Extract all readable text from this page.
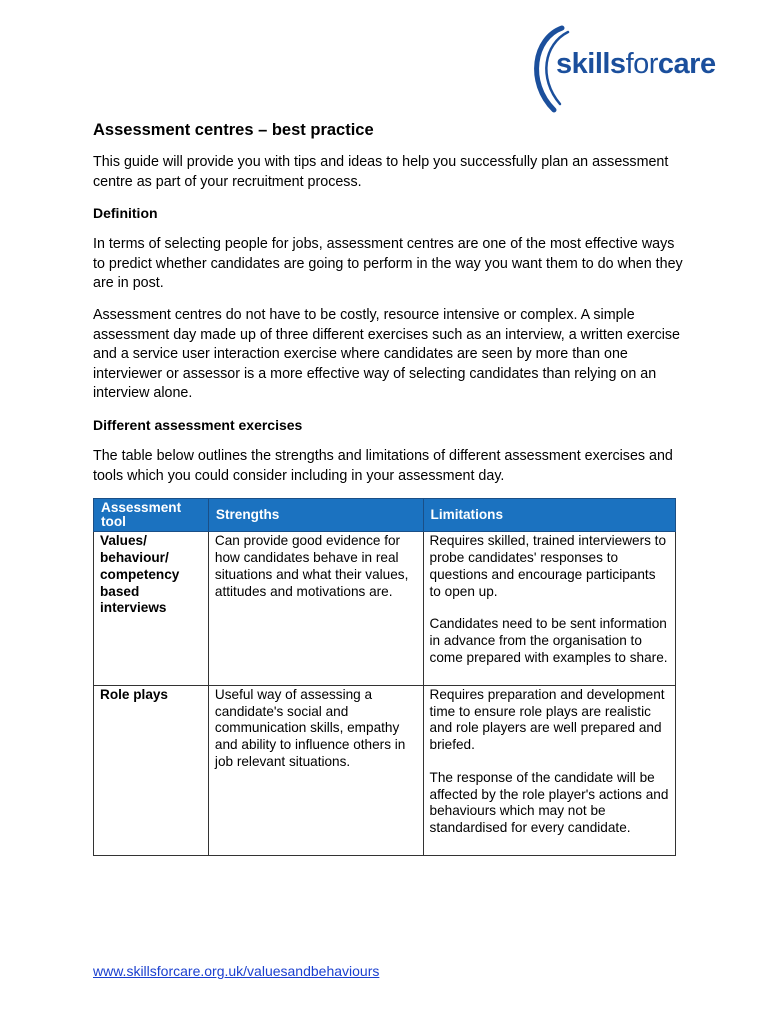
skillsforcare
Assessment centres – best practice

This guide will provide you with tips and ideas to help you successfully plan an assessment centre as part of your recruitment process.

Definition

In terms of selecting people for jobs, assessment centres are one of the most effective ways to predict whether candidates are going to perform in the way you want them to do when they are in post.

Assessment centres do not have to be costly, resource intensive or complex. A simple assessment day made up of three different exercises such as an interview, a written exercise and a service user interaction exercise where candidates are seen by more than one interviewer or assessor is a more effective way of selecting candidates than relying on an interview alone.

Different assessment exercises

The table below outlines the strengths and limitations of different assessment exercises and tools which you could consider including in your assessment day.

Assessment tool	Strengths	Limitations
Values/ behaviour/ competency based interviews	Can provide good evidence for how candidates behave in real situations and what their values, attitudes and motivations are.	Requires skilled, trained interviewers to probe candidates' responses to questions and encourage participants to open up.

Candidates need to be sent information in advance from the organisation to come prepared with examples to share.

Role plays	Useful way of assessing a candidate's social and communication skills, empathy and ability to influence others in job relevant situations.	Requires preparation and development time to ensure role plays are realistic and role players are well prepared and briefed.

The response of the candidate will be affected by the role player's actions and behaviours which may not be standardised for every candidate.

www.skillsforcare.org.uk/valuesandbehaviours
